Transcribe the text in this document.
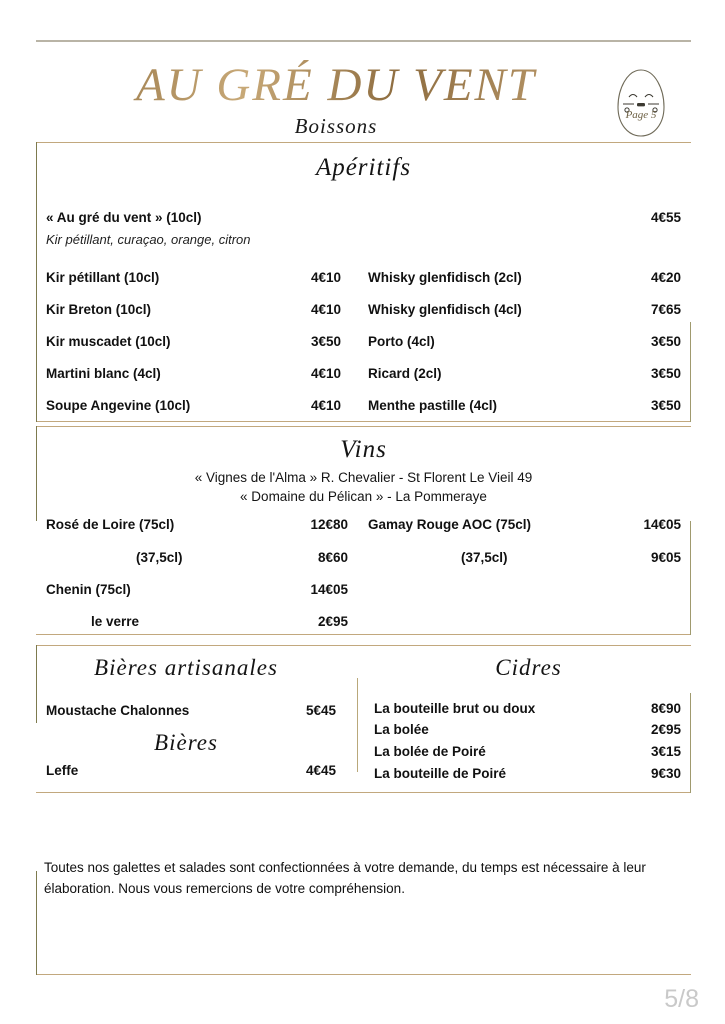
AU GRÉ DU VENT
Boissons	Page 5
Apéritifs
« Au gré du vent » (10cl)	4€55
Kir pétillant, curaçao, orange, citron
Kir pétillant (10cl)	4€10
Kir Breton (10cl)	4€10
Kir muscadet (10cl)	3€50
Martini blanc (4cl)	4€10
Soupe Angevine (10cl)	4€10
Whisky glenfidisch (2cl)	4€20
Whisky glenfidisch (4cl)	7€65
Porto (4cl)	3€50
Ricard (2cl)	3€50
Menthe pastille (4cl)	3€50
Vins
« Vignes de l'Alma » R. Chevalier - St Florent Le Vieil 49
« Domaine du Pélican » - La Pommeraye
Rosé de Loire (75cl)	12€80
(37,5cl)	8€60
Chenin (75cl)	14€05
le verre	2€95
Gamay Rouge AOC (75cl)	14€05
(37,5cl)	9€05
Bières artisanales
Moustache Chalonnes	5€45
Bières
Leffe	4€45
Cidres
La bouteille brut ou doux	8€90
La bolée	2€95
La bolée de Poiré	3€15
La bouteille de Poiré	9€30
Toutes nos galettes et salades sont confectionnées à votre demande, du temps est nécessaire à leur élaboration. Nous vous remercions de votre compréhension.
5/8
